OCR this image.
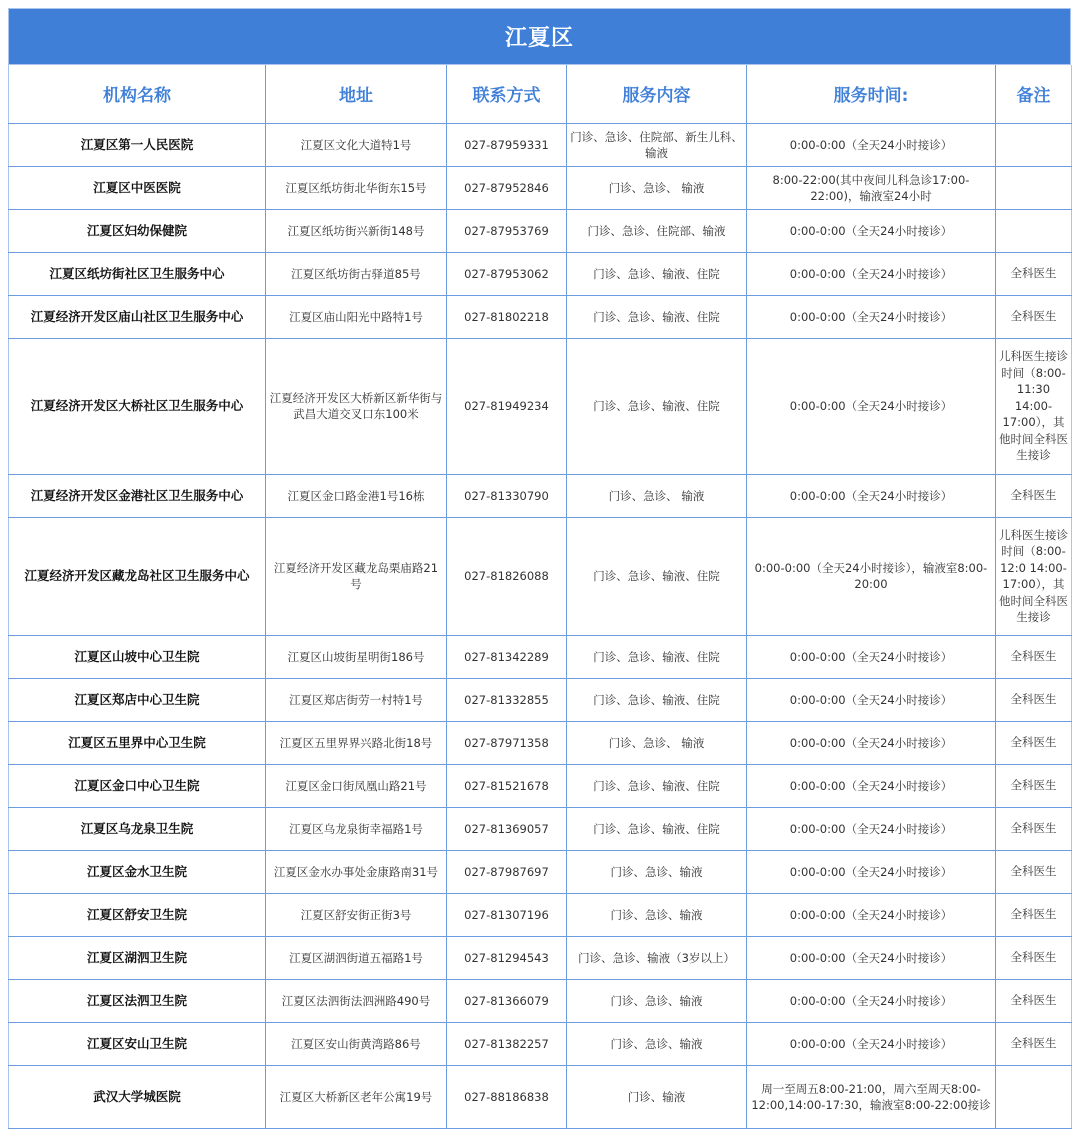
江夏区
机构名称	地址	联系方式	服务内容	服务时间:	备注
江夏区第一人民医院	江夏区文化大道特1号	027-87959331	门诊、急诊、住院部、新生儿科、输液	0:00-0:00（全天24小时接诊）	
江夏区中医医院	江夏区纸坊街北华街东15号	027-87952846	门诊、急诊、 输液	8:00-22:00(其中夜间儿科急诊17:00-22:00)，输液室24小时	
江夏区妇幼保健院	江夏区纸坊街兴新街148号	027-87953769	门诊、急诊、住院部、输液	0:00-0:00（全天24小时接诊）	
江夏区纸坊街社区卫生服务中心	江夏区纸坊街古驿道85号	027-87953062	门诊、急诊、输液、住院	0:00-0:00（全天24小时接诊）	全科医生
江夏经济开发区庙山社区卫生服务中心	江夏区庙山阳光中路特1号	027-81802218	门诊、急诊、输液、住院	0:00-0:00（全天24小时接诊）	全科医生
江夏经济开发区大桥社区卫生服务中心	江夏经济开发区大桥新区新华街与武昌大道交叉口东100米	027-81949234	门诊、急诊、输液、住院	0:00-0:00（全天24小时接诊）	儿科医生接诊时间（8:00-11:30 14:00-17:00），其他时间全科医生接诊
江夏经济开发区金港社区卫生服务中心	江夏区金口路金港1号16栋	027-81330790	门诊、急诊、 输液	0:00-0:00（全天24小时接诊）	全科医生
江夏经济开发区藏龙岛社区卫生服务中心	江夏经济开发区藏龙岛栗庙路21号	027-81826088	门诊、急诊、输液、住院	0:00-0:00（全天24小时接诊），输液室8:00-20:00	儿科医生接诊时间（8:00-12:0 14:00-17:00），其他时间全科医生接诊
江夏区山坡中心卫生院	江夏区山坡街星明街186号	027-81342289	门诊、急诊、输液、住院	0:00-0:00（全天24小时接诊）	全科医生
江夏区郑店中心卫生院	江夏区郑店街劳一村特1号	027-81332855	门诊、急诊、输液、住院	0:00-0:00（全天24小时接诊）	全科医生
江夏区五里界中心卫生院	江夏区五里界界兴路北街18号	027-87971358	门诊、急诊、 输液	0:00-0:00（全天24小时接诊）	全科医生
江夏区金口中心卫生院	江夏区金口街凤凰山路21号	027-81521678	门诊、急诊、输液、住院	0:00-0:00（全天24小时接诊）	全科医生
江夏区乌龙泉卫生院	江夏区乌龙泉街幸福路1号	027-81369057	门诊、急诊、输液、住院	0:00-0:00（全天24小时接诊）	全科医生
江夏区金水卫生院	江夏区金水办事处金康路南31号	027-87987697	门诊、急诊、输液	0:00-0:00（全天24小时接诊）	全科医生
江夏区舒安卫生院	江夏区舒安街正街3号	027-81307196	门诊、急诊、输液	0:00-0:00（全天24小时接诊）	全科医生
江夏区湖泗卫生院	江夏区湖泗街道五福路1号	027-81294543	门诊、急诊、输液（3岁以上）	0:00-0:00（全天24小时接诊）	全科医生
江夏区法泗卫生院	江夏区法泗街法泗洲路490号	027-81366079	门诊、急诊、输液	0:00-0:00（全天24小时接诊）	全科医生
江夏区安山卫生院	江夏区安山街黄湾路86号	027-81382257	门诊、急诊、输液	0:00-0:00（全天24小时接诊）	全科医生
武汉大学城医院	江夏区大桥新区老年公寓19号	027-88186838	门诊、输液	周一至周五8:00-21:00，周六至周天8:00-12:00,14:00-17:30，输液室8:00-22:00接诊	
